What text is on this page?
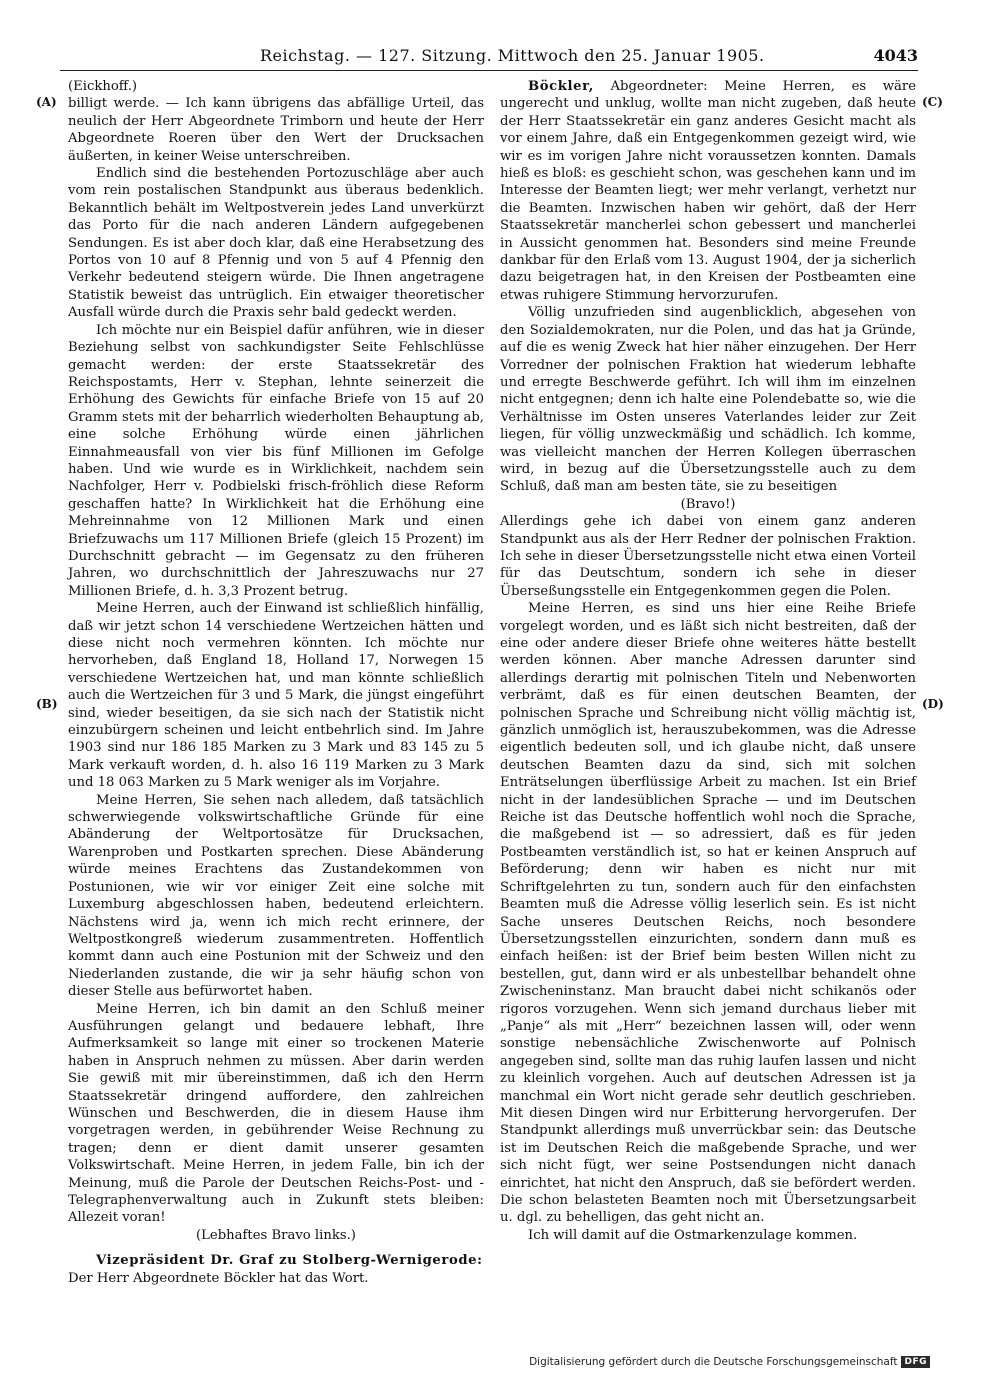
Reichstag. — 127. Sitzung. Mittwoch den 25. Januar 1905.	4043
(A)
(B)
(C)
(D)

(Eickhoff.)

billigt werde. — Ich kann übrigens das abfällige Urteil, das neulich der Herr Abgeordnete Trimborn und heute der Herr Abgeordnete Roeren über den Wert der Drucksachen äußerten, in keiner Weise unterschreiben.

Endlich sind die bestehenden Portozuschläge aber auch vom rein postalischen Standpunkt aus überaus bedenklich. Bekanntlich behält im Weltpostverein jedes Land unverkürzt das Porto für die nach anderen Ländern aufgegebenen Sendungen. Es ist aber doch klar, daß eine Herabsetzung des Portos von 10 auf 8 Pfennig und von 5 auf 4 Pfennig den Verkehr bedeutend steigern würde. Die Ihnen angetragene Statistik beweist das untrüglich. Ein etwaiger theoretischer Ausfall würde durch die Praxis sehr bald gedeckt werden.

Ich möchte nur ein Beispiel dafür anführen, wie in dieser Beziehung selbst von sachkundigster Seite Fehlschlüsse gemacht werden: der erste Staatssekretär des Reichspostamts, Herr v. Stephan, lehnte seinerzeit die Erhöhung des Gewichts für einfache Briefe von 15 auf 20 Gramm stets mit der beharrlich wiederholten Behauptung ab, eine solche Erhöhung würde einen jährlichen Einnahmeausfall von vier bis fünf Millionen im Gefolge haben. Und wie wurde es in Wirklichkeit, nachdem sein Nachfolger, Herr v. Podbielski frisch-fröhlich diese Reform geschaffen hatte? In Wirklichkeit hat die Erhöhung eine Mehreinnahme von 12 Millionen Mark und einen Briefzuwachs um 117 Millionen Briefe (gleich 15 Prozent) im Durchschnitt gebracht — im Gegensatz zu den früheren Jahren, wo durchschnittlich der Jahreszuwachs nur 27 Millionen Briefe, d. h. 3,3 Prozent betrug.

Meine Herren, auch der Einwand ist schließlich hinfällig, daß wir jetzt schon 14 verschiedene Wertzeichen hätten und diese nicht noch vermehren könnten. Ich möchte nur hervorheben, daß England 18, Holland 17, Norwegen 15 verschiedene Wertzeichen hat, und man könnte schließlich auch die Wertzeichen für 3 und 5 Mark, die jüngst eingeführt sind, wieder beseitigen, da sie sich nach der Statistik nicht einzubürgern scheinen und leicht entbehrlich sind. Im Jahre 1903 sind nur 186 185 Marken zu 3 Mark und 83 145 zu 5 Mark verkauft worden, d. h. also 16 119 Marken zu 3 Mark und 18 063 Marken zu 5 Mark weniger als im Vorjahre.

Meine Herren, Sie sehen nach alledem, daß tatsächlich schwerwiegende volkswirtschaftliche Gründe für eine Abänderung der Weltportosätze für Drucksachen, Warenproben und Postkarten sprechen. Diese Abänderung würde meines Erachtens das Zustandekommen von Postunionen, wie wir vor einiger Zeit eine solche mit Luxemburg abgeschlossen haben, bedeutend erleichtern. Nächstens wird ja, wenn ich mich recht erinnere, der Weltpostkongreß wiederum zusammentreten. Hoffentlich kommt dann auch eine Postunion mit der Schweiz und den Niederlanden zustande, die wir ja sehr häufig schon von dieser Stelle aus befürwortet haben.

Meine Herren, ich bin damit an den Schluß meiner Ausführungen gelangt und bedauere lebhaft, Ihre Aufmerksamkeit so lange mit einer so trockenen Materie haben in Anspruch nehmen zu müssen. Aber darin werden Sie gewiß mit mir übereinstimmen, daß ich den Herrn Staatssekretär dringend auffordere, den zahlreichen Wünschen und Beschwerden, die in diesem Hause ihm vorgetragen werden, in gebührender Weise Rechnung zu tragen; denn er dient damit unserer gesamten Volkswirtschaft. Meine Herren, in jedem Falle, bin ich der Meinung, muß die Parole der Deutschen Reichs-Post- und -Telegraphenverwaltung auch in Zukunft stets bleiben: Allezeit voran!

(Lebhaftes Bravo links.)

Vizepräsident Dr. Graf zu Stolberg-Wernigerode:

Der Herr Abgeordnete Böckler hat das Wort.

Böckler, Abgeordneter: Meine Herren, es wäre ungerecht und unklug, wollte man nicht zugeben, daß heute der Herr Staatssekretär ein ganz anderes Gesicht macht als vor einem Jahre, daß ein Entgegenkommen gezeigt wird, wie wir es im vorigen Jahre nicht voraussetzen konnten. Damals hieß es bloß: es geschieht schon, was geschehen kann und im Interesse der Beamten liegt; wer mehr verlangt, verhetzt nur die Beamten. Inzwischen haben wir gehört, daß der Herr Staatssekretär mancherlei schon gebessert und mancherlei in Aussicht genommen hat. Besonders sind meine Freunde dankbar für den Erlaß vom 13. August 1904, der ja sicherlich dazu beigetragen hat, in den Kreisen der Postbeamten eine etwas ruhigere Stimmung hervorzurufen.

Völlig unzufrieden sind augenblicklich, abgesehen von den Sozialdemokraten, nur die Polen, und das hat ja Gründe, auf die es wenig Zweck hat hier näher einzugehen. Der Herr Vorredner der polnischen Fraktion hat wiederum lebhafte und erregte Beschwerde geführt. Ich will ihm im einzelnen nicht entgegnen; denn ich halte eine Polendebatte so, wie die Verhältnisse im Osten unseres Vaterlandes leider zur Zeit liegen, für völlig unzweckmäßig und schädlich. Ich komme, was vielleicht manchen der Herren Kollegen überraschen wird, in bezug auf die Übersetzungsstelle auch zu dem Schluß, daß man am besten täte, sie zu beseitigen

(Bravo!)

Allerdings gehe ich dabei von einem ganz anderen Standpunkt aus als der Herr Redner der polnischen Fraktion. Ich sehe in dieser Übersetzungsstelle nicht etwa einen Vorteil für das Deutschtum, sondern ich sehe in dieser Überseßungsstelle ein Entgegenkommen gegen die Polen.

Meine Herren, es sind uns hier eine Reihe Briefe vorgelegt worden, und es läßt sich nicht bestreiten, daß der eine oder andere dieser Briefe ohne weiteres hätte bestellt werden können. Aber manche Adressen darunter sind allerdings derartig mit polnischen Titeln und Nebenworten verbrämt, daß es für einen deutschen Beamten, der polnischen Sprache und Schreibung nicht völlig mächtig ist, gänzlich unmöglich ist, herauszubekommen, was die Adresse eigentlich bedeuten soll, und ich glaube nicht, daß unsere deutschen Beamten dazu da sind, sich mit solchen Enträtselungen überflüssige Arbeit zu machen. Ist ein Brief nicht in der landesüblichen Sprache — und im Deutschen Reiche ist das Deutsche hoffentlich wohl noch die Sprache, die maßgebend ist — so adressiert, daß es für jeden Postbeamten verständlich ist, so hat er keinen Anspruch auf Beförderung; denn wir haben es nicht nur mit Schriftgelehrten zu tun, sondern auch für den einfachsten Beamten muß die Adresse völlig leserlich sein. Es ist nicht Sache unseres Deutschen Reichs, noch besondere Übersetzungsstellen einzurichten, sondern dann muß es einfach heißen: ist der Brief beim besten Willen nicht zu bestellen, gut, dann wird er als unbestellbar behandelt ohne Zwischeninstanz. Man braucht dabei nicht schikanös oder rigoros vorzugehen. Wenn sich jemand durchaus lieber mit „Panje“ als mit „Herr“ bezeichnen lassen will, oder wenn sonstige nebensächliche Zwischenworte auf Polnisch angegeben sind, sollte man das ruhig laufen lassen und nicht zu kleinlich vorgehen. Auch auf deutschen Adressen ist ja manchmal ein Wort nicht gerade sehr deutlich geschrieben. Mit diesen Dingen wird nur Erbitterung hervorgerufen. Der Standpunkt allerdings muß unverrückbar sein: das Deutsche ist im Deutschen Reich die maßgebende Sprache, und wer sich nicht fügt, wer seine Postsendungen nicht danach einrichtet, hat nicht den Anspruch, daß sie befördert werden. Die schon belasteten Beamten noch mit Übersetzungsarbeit u. dgl. zu behelligen, das geht nicht an.

Ich will damit auf die Ostmarkenzulage kommen.

Digitalisierung gefördert durch die Deutsche Forschungsgemeinschaft DFG
